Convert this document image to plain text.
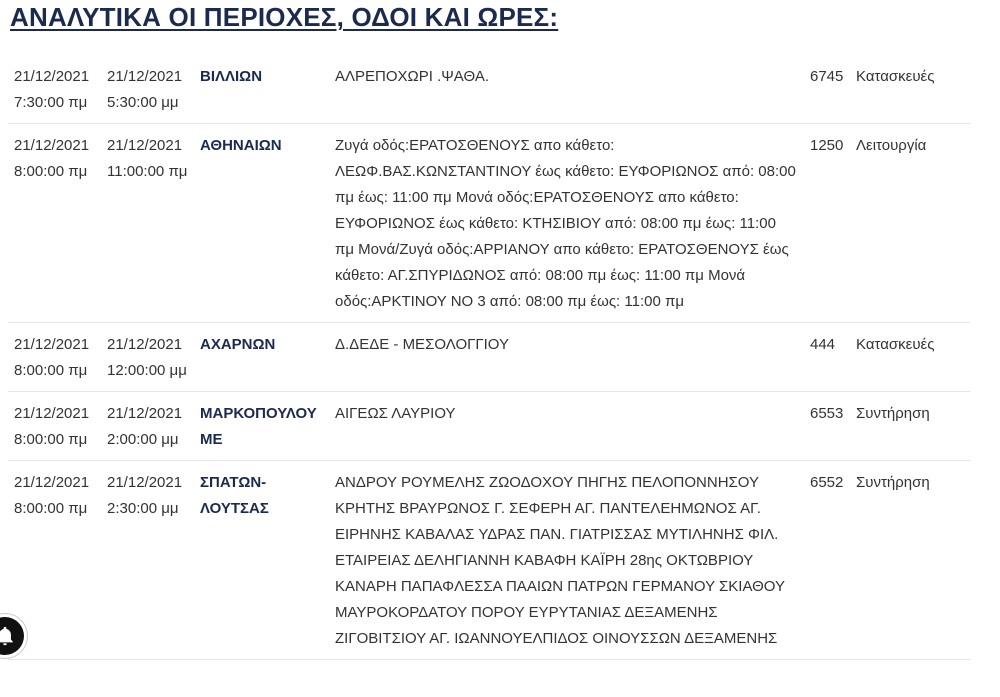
ΑΝΑΛΥΤΙΚΑ ΟΙ ΠΕΡΙΟΧΕΣ, ΟΔΟΙ ΚΑΙ ΩΡΕΣ:
21/12/2021 7:30:00 πμ	21/12/2021 5:30:00 μμ	ΒΙΛΛΙΩΝ	ΑΛΡΕΠΟΧΩΡΙ .ΨΑΘΑ.	6745	Κατασκευές
21/12/2021 8:00:00 πμ	21/12/2021 11:00:00 πμ	ΑΘΗΝΑΙΩΝ	Ζυγά οδός:ΕΡΑΤΟΣΘΕΝΟΥΣ απο κάθετο: ΛΕΩΦ.ΒΑΣ.ΚΩΝΣΤΑΝΤΙΝΟΥ έως κάθετο: ΕΥΦΟΡΙΩΝΟΣ από: 08:00 πμ έως: 11:00 πμ Μονά οδός:ΕΡΑΤΟΣΘΕΝΟΥΣ απο κάθετο: ΕΥΦΟΡΙΩΝΟΣ έως κάθετο: ΚΤΗΣΙΒΙΟΥ από: 08:00 πμ έως: 11:00 πμ Μονά/Ζυγά οδός:ΑΡΡΙΑΝΟΥ απο κάθετο: ΕΡΑΤΟΣΘΕΝΟΥΣ έως κάθετο: ΑΓ.ΣΠΥΡΙΔΩΝΟΣ από: 08:00 πμ έως: 11:00 πμ Μονά οδός:ΑΡΚΤΙΝΟΥ ΝΟ 3 από: 08:00 πμ έως: 11:00 πμ	1250	Λειτουργία
21/12/2021 8:00:00 πμ	21/12/2021 12:00:00 μμ	ΑΧΑΡΝΩΝ	Δ.ΔΕΔΕ - ΜΕΣΟΛΟΓΓΙΟΥ	444	Κατασκευές
21/12/2021 8:00:00 πμ	21/12/2021 2:00:00 μμ	ΜΑΡΚΟΠΟΥΛΟΥ ΜΕ	ΑΙΓΕΩΣ ΛΑΥΡΙΟΥ	6553	Συντήρηση
21/12/2021 8:00:00 πμ	21/12/2021 2:30:00 μμ	ΣΠΑΤΩΝ-ΛΟΥΤΣΑΣ	ΑΝΔΡΟΥ ΡΟΥΜΕΛΗΣ ΖΩΟΔΟΧΟΥ ΠΗΓΗΣ ΠΕΛΟΠΟΝΝΗΣΟΥ ΚΡΗΤΗΣ ΒΡΑΥΡΩΝΟΣ Γ. ΣΕΦΕΡΗ ΑΓ. ΠΑΝΤΕΛΕΗΜΩΝΟΣ ΑΓ. ΕΙΡΗΝΗΣ ΚΑΒΑΛΑΣ ΥΔΡΑΣ ΠΑΝ. ΓΙΑΤΡΙΣΣΑΣ ΜΥΤΙΛΗΝΗΣ ΦΙΛ. ΕΤΑΙΡΕΙΑΣ ΔΕΛΗΓΙΑΝΝΗ ΚΑΒΑΦΗ ΚΑΪΡΗ 28ης ΟΚΤΩΒΡΙΟΥ ΚΑΝΑΡΗ ΠΑΠΑΦΛΕΣΣΑ ΠΑΑΙΩΝ ΠΑΤΡΩΝ ΓΕΡΜΑΝΟΥ ΣΚΙΑΘΟΥ ΜΑΥΡΟΚΟΡΔΑΤΟΥ ΠΟΡΟΥ ΕΥΡΥΤΑΝΙΑΣ ΔΕΞΑΜΕΝΗΣ ΖΙΓΟΒΙΤΣΙΟΥ ΑΓ. ΙΩΑΝΝΟΥΕΛΠΙΔΟΣ ΟΙΝΟΥΣΣΩΝ ΔΕΞΑΜΕΝΗΣ	6552	Συντήρηση
